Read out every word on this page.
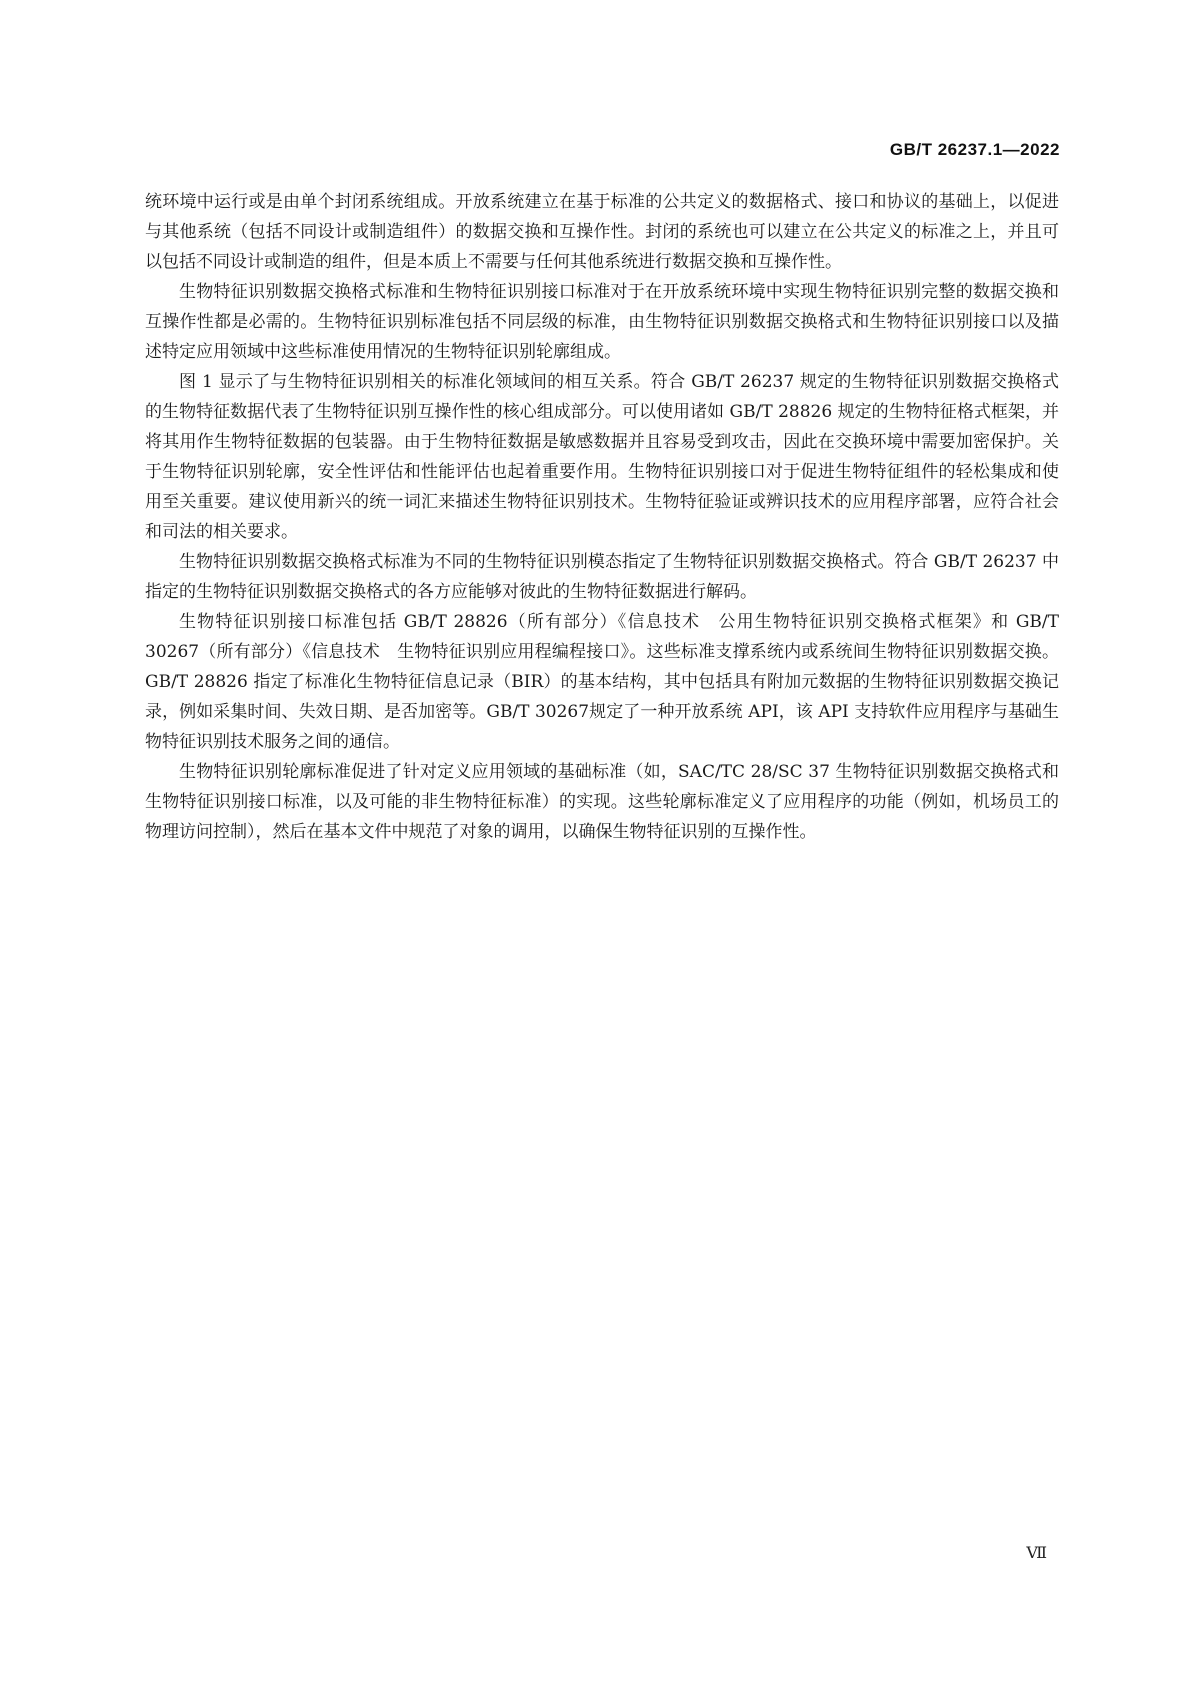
GB/T 26237.1—2022

统环境中运行或是由单个封闭系统组成。开放系统建立在基于标准的公共定义的数据格式、接口和协议的基础上，以促进与其他系统（包括不同设计或制造组件）的数据交换和互操作性。封闭的系统也可以建立在公共定义的标准之上，并且可以包括不同设计或制造的组件，但是本质上不需要与任何其他系统进行数据交换和互操作性。

生物特征识别数据交换格式标准和生物特征识别接口标准对于在开放系统环境中实现生物特征识别完整的数据交换和互操作性都是必需的。生物特征识别标准包括不同层级的标准，由生物特征识别数据交换格式和生物特征识别接口以及描述特定应用领域中这些标准使用情况的生物特征识别轮廓组成。

图 1 显示了与生物特征识别相关的标准化领域间的相互关系。符合 GB/T 26237 规定的生物特征识别数据交换格式的生物特征数据代表了生物特征识别互操作性的核心组成部分。可以使用诸如 GB/T 28826 规定的生物特征格式框架，并将其用作生物特征数据的包装器。由于生物特征数据是敏感数据并且容易受到攻击，因此在交换环境中需要加密保护。关于生物特征识别轮廓，安全性评估和性能评估也起着重要作用。生物特征识别接口对于促进生物特征组件的轻松集成和使用至关重要。建议使用新兴的统一词汇来描述生物特征识别技术。生物特征验证或辨识技术的应用程序部署，应符合社会和司法的相关要求。

生物特征识别数据交换格式标准为不同的生物特征识别模态指定了生物特征识别数据交换格式。符合 GB/T 26237 中指定的生物特征识别数据交换格式的各方应能够对彼此的生物特征数据进行解码。

生物特征识别接口标准包括 GB/T 28826（所有部分）《信息技术　公用生物特征识别交换格式框架》和 GB/T 30267（所有部分）《信息技术　生物特征识别应用程编程接口》。这些标准支撑系统内或系统间生物特征识别数据交换。GB/T 28826 指定了标准化生物特征信息记录（BIR）的基本结构，其中包括具有附加元数据的生物特征识别数据交换记录，例如采集时间、失效日期、是否加密等。GB/T 30267规定了一种开放系统 API，该 API 支持软件应用程序与基础生物特征识别技术服务之间的通信。

生物特征识别轮廓标准促进了针对定义应用领域的基础标准（如，SAC/TC 28/SC 37 生物特征识别数据交换格式和生物特征识别接口标准，以及可能的非生物特征标准）的实现。这些轮廓标准定义了应用程序的功能（例如，机场员工的物理访问控制），然后在基本文件中规范了对象的调用，以确保生物特征识别的互操作性。

Ⅶ
